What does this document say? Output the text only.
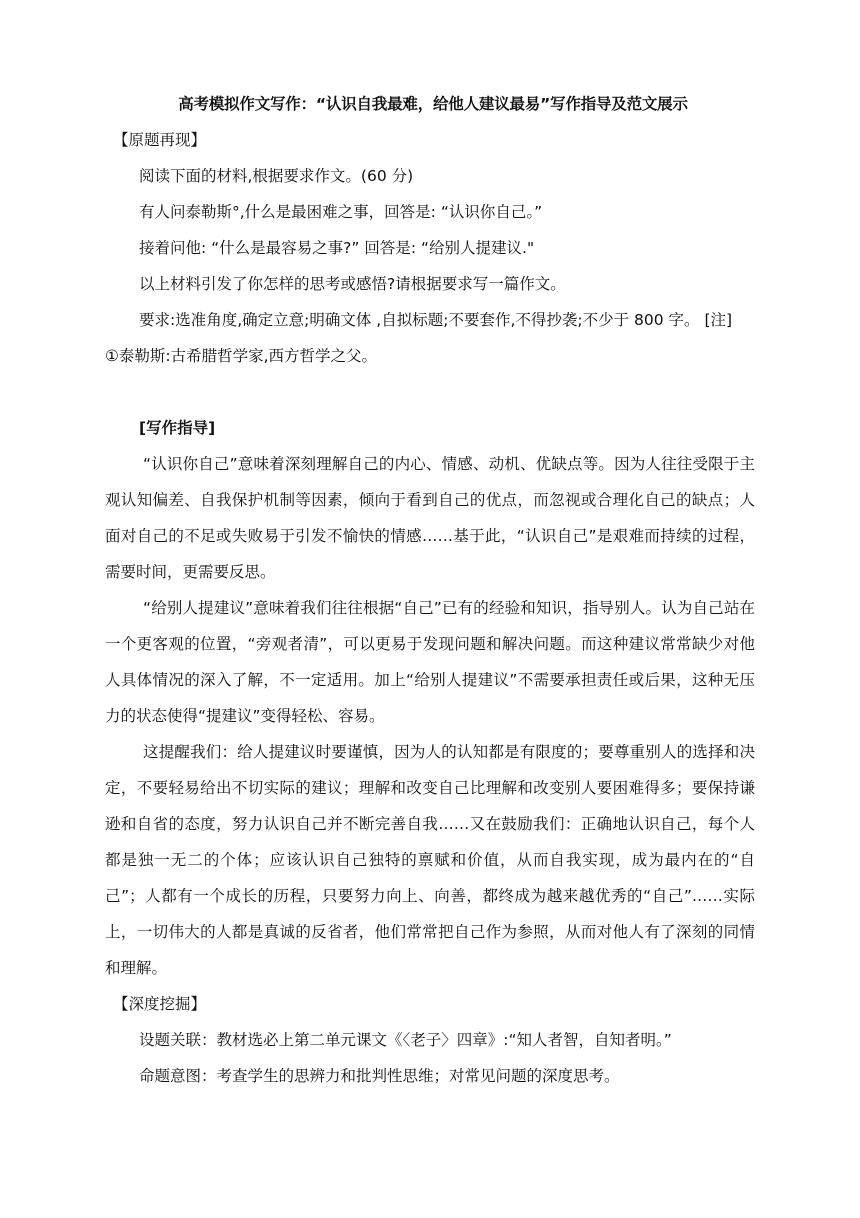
高考模拟作文写作：“认识自我最难，给他人建议最易”写作指导及范文展示
【原题再现】
阅读下面的材料,根据要求作文。(60 分)
有人问泰勒斯°,什么是最困难之事，回答是: “认识你自己。”
接着问他: “什么是最容易之事?” 回答是: “给别人提建议."
以上材料引发了你怎样的思考或感悟?请根据要求写一篇作文。
要求:选准角度,确定立意;明确文体 ,自拟标题;不要套作,不得抄袭;不少于 800 字。 [注]
①泰勒斯:古希腊哲学家,西方哲学之父。
[写作指导]

“认识你自己”意味着深刻理解自己的内心、情感、动机、优缺点等。因为人往往受限于主观认知偏差、自我保护机制等因素，倾向于看到自己的优点，而忽视或合理化自己的缺点；人面对自己的不足或失败易于引发不愉快的情感……基于此，“认识自己”是艰难而持续的过程，需要时间，更需要反思。

“给别人提建议”意味着我们往往根据“自己”已有的经验和知识，指导别人。认为自己站在一个更客观的位置，“旁观者清”，可以更易于发现问题和解决问题。而这种建议常常缺少对他人具体情况的深入了解，不一定适用。加上“给别人提建议”不需要承担责任或后果，这种无压力的状态使得“提建议”变得轻松、容易。

这提醒我们：给人提建议时要谨慎，因为人的认知都是有限度的；要尊重别人的选择和决定，不要轻易给出不切实际的建议；理解和改变自己比理解和改变别人要困难得多；要保持谦逊和自省的态度，努力认识自己并不断完善自我……又在鼓励我们：正确地认识自己，每个人都是独一无二的个体；应该认识自己独特的禀赋和价值，从而自我实现，成为最内在的“自己”；人都有一个成长的历程，只要努力向上、向善，都终成为越来越优秀的“自己”……实际上，一切伟大的人都是真诚的反省者，他们常常把自己作为参照，从而对他人有了深刻的同情和理解。

【深度挖掘】
设题关联：教材选必上第二单元课文《〈老子〉四章》:“知人者智，自知者明。”
命题意图：考查学生的思辨力和批判性思维；对常见问题的深度思考。
